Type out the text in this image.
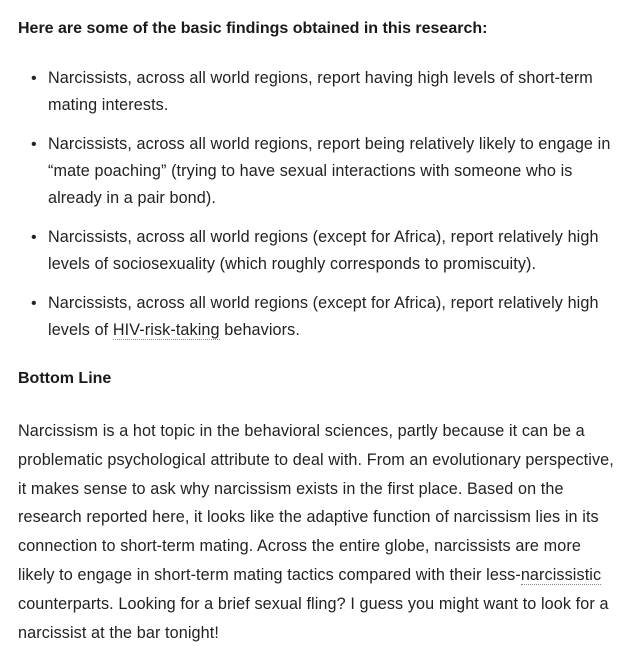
Here are some of the basic findings obtained in this research:
• Narcissists, across all world regions, report having high levels of short-term mating interests.
• Narcissists, across all world regions, report being relatively likely to engage in “mate poaching” (trying to have sexual interactions with someone who is already in a pair bond).
• Narcissists, across all world regions (except for Africa), report relatively high levels of sociosexuality (which roughly corresponds to promiscuity).
• Narcissists, across all world regions (except for Africa), report relatively high levels of HIV-risk-taking behaviors.
Bottom Line

Narcissism is a hot topic in the behavioral sciences, partly because it can be a problematic psychological attribute to deal with. From an evolutionary perspective, it makes sense to ask why narcissism exists in the first place. Based on the research reported here, it looks like the adaptive function of narcissism lies in its connection to short-term mating. Across the entire globe, narcissists are more likely to engage in short-term mating tactics compared with their less-narcissistic counterparts. Looking for a brief sexual fling? I guess you might want to look for a narcissist at the bar tonight!
